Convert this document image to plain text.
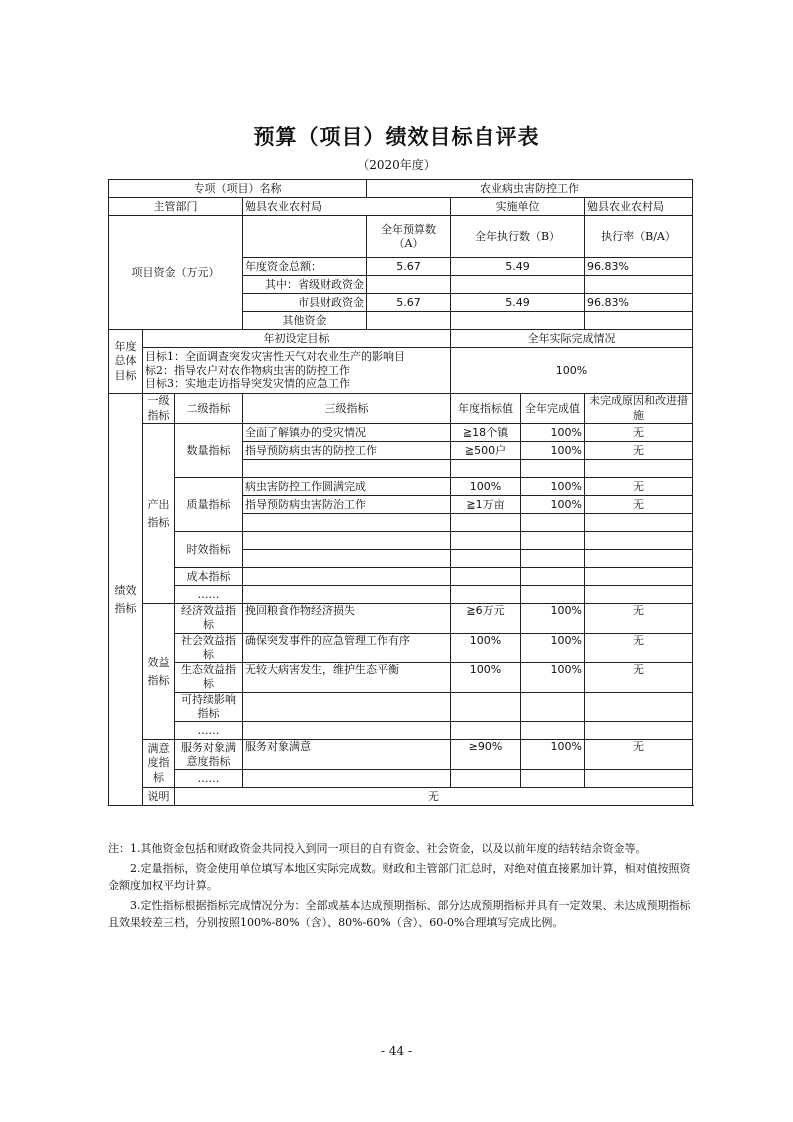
预算（项目）绩效目标自评表
（2020年度）
专项（项目）名称				农业病虫害防控工作			
主管部门			勉县农业农村局		实施单位		勉县农业农村局
项目资金（万元）				全年预算数（A）	全年执行数（B）		执行率（B/A）
			年度资金总额：	5.67	5.49		96.83%
			其中：省级财政资金				
			市县财政资金	5.67	5.49		96.83%
			其他资金				
年度总体目标	年初设定目标				全年实际完成情况		

	目标1：全面调查突发灾害性天气对农业生产的影响目
标2：指导农户对农作物病虫害的防控工作
目标3：实地走访指导突发灾情的应急工作				100%		
绩效指标	一级指标	二级指标	三级指标		年度指标值	全年完成值	未完成原因和改进措施
	产出指标	数量指标	全面了解镇办的受灾情况		≧18个镇	100%	无
			指导预防病虫害的防控工作		≧500户	100%	无

		质量指标	病虫害防控工作圆满完成		100%	100%	无
			指导预防病虫害防治工作		≧1万亩	100%	无

		时效指标					

		成本指标					
		……					
	效益指标	经济效益指标	挽回粮食作物经济损失		≧6万元	100%	无
		社会效益指标	确保突发事件的应急管理工作有序		100%	100%	无
		生态效益指标	无较大病害发生，维护生态平衡		100%	100%	无
		可持续影响指标					
		……					
	满意度指标	服务对象满意度指标	服务对象满意		≥90%	100%	无
		……					
	说明	无					

注：1.其他资金包括和财政资金共同投入到同一项目的自有资金、社会资金，以及以前年度的结转结余资金等。

2.定量指标，资金使用单位填写本地区实际完成数。财政和主管部门汇总时，对绝对值直接累加计算，相对值按照资金额度加权平均计算。

3.定性指标根据指标完成情况分为：全部或基本达成预期指标、部分达成预期指标并具有一定效果、未达成预期指标且效果较差三档，分别按照100%-80%（含）、80%-60%（含）、60-0%合理填写完成比例。

- 44 -
